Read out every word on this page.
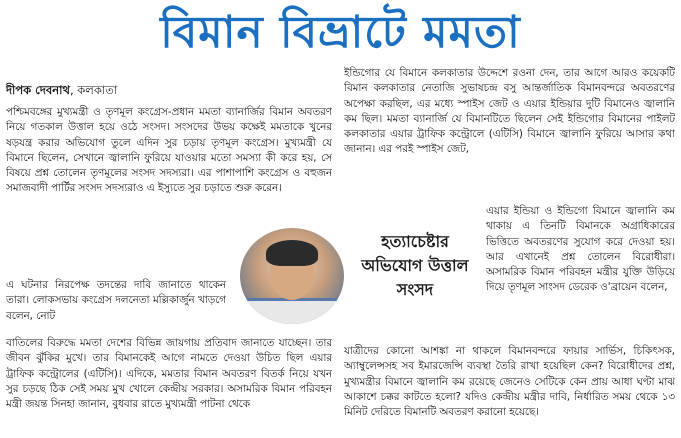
বিমান বিভ্রাটে মমতা
দীপক দেবনাথ, কলকাতা

পশ্চিমবঙ্গের মুখ্যমন্ত্রী ও তৃণমূল কংগ্রেস-প্রধান মমতা ব্যানার্জির বিমান অবতরণ নিয়ে গতকাল উত্তাল হয়ে ওঠে সংসদ। সংসদের উভয় কক্ষেই মমতাকে খুনের ষড়যন্ত্র করার অভিযোগ তুলে এদিন সুর চড়ায় তৃণমূল কংগ্রেস। মুখ্যমন্ত্রী যে বিমানে ছিলেন, সেখানে জ্বালানি ফুরিয়ে যাওয়ার মতো সমস্যা কী করে হয়, সে বিষয়ে প্রশ্ন তোলেন তৃণমূলের সংসদ সদস্যরা। এর পাশাপাশি কংগ্রেস ও বহুজন সমাজবাদী পার্টির সংসদ সদস্যরাও এ ইস্যুতে সুর চড়াতে শুরু করেন।

এ ঘটনার নিরপেক্ষ তদন্তের দাবি জানাতে থাকেন তারা। লোকসভায় কংগ্রেস দলনেতা মল্লিকার্জুন খাড়গে বলেন, নোট

বাতিলের বিরুদ্ধে মমতা দেশের বিভিন্ন জায়গায় প্রতিবাদ জানাতে যাচ্ছেন। তার জীবন ঝুঁকির মুখে। তার বিমানকেই আগে নামতে দেওয়া উচিত ছিল এয়ার ট্রাফিক কন্ট্রোলের (এটিসি)। এদিকে, মমতার বিমান অবতরণ বিতর্ক নিয়ে যখন সুর চড়ছে ঠিক সেই সময় মুখ খোলে কেন্দ্রীয় সরকার। অসামরিক বিমান পরিবহন মন্ত্রী জয়ন্ত সিনহা জানান, বুধবার রাতে মুখ্যমন্ত্রী পাটনা থেকে

ইন্ডিগোর যে বিমানে কলকাতার উদ্দেশে রওনা দেন, তার আগে আরও কয়েকটি বিমান কলকাতার নেতাজি সুভাষচন্দ্র বসু আন্তর্জাতিক বিমানবন্দরে অবতরণের অপেক্ষা করছিল, এর মধ্যে স্পাইস জেট ও এয়ার ইন্ডিয়ার দুটি বিমানেও জ্বালানি কম ছিল। মমতা ব্যানার্জি যে বিমানটিতে ছিলেন সেই ইন্ডিগোর বিমানের পাইলট কলকাতার এয়ার ট্রাফিক কন্ট্রোলে (এটিসি) বিমানে জ্বালানি ফুরিয়ে আসার কথা জানান। এর পরই স্পাইস জেট,

এয়ার ইন্ডিয়া ও ইন্ডিগো বিমানে জ্বালানি কম থাকায় এ তিনটি বিমানকে অগ্রাধিকারের ভিত্তিতে অবতরণের সুযোগ করে দেওয়া হয়। আর এখানেই প্রশ্ন তোলেন বিরোধীরা। অসামরিক বিমান পরিবহন মন্ত্রীর যুক্তি উড়িয়ে দিয়ে তৃণমূল সাংসদ ডেরেক ও'ব্রায়েন বলেন,

যাত্রীদের কোনো আশঙ্কা না থাকলে বিমানবন্দরে ফায়ার সার্ভিস, চিকিৎসক, অ্যাম্বুলেন্সসহ সব ইমারজেন্সি ব্যবস্থা তৈরি রাখা হয়েছিল কেন? বিরোধীদের প্রশ্ন, মুখ্যমন্ত্রীর বিমানে জ্বালানি কম রয়েছে জেনেও সেটিকে কেন প্রায় আধা ঘণ্টা মাঝ আকাশে চক্কর কাটতে হলো? যদিও কেন্দ্রীয় মন্ত্রীর দাবি, নির্ধারিত সময় থেকে ১৩ মিনিট দেরিতে বিমানটি অবতরণ করানো হয়েছে।

হত্যাচেষ্টার অভিযোগ উত্তাল সংসদ
